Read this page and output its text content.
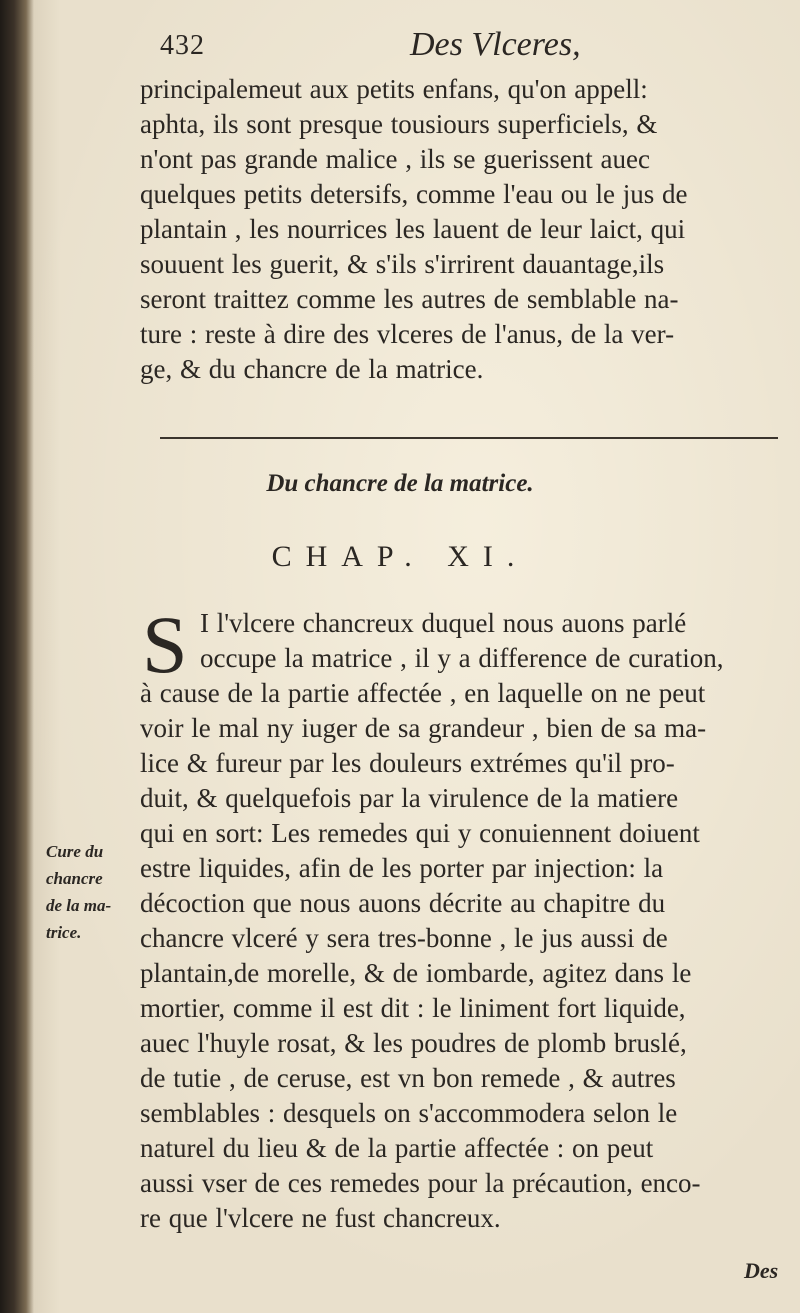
432	Des Vlceres,
principalemeut aux petits enfans, qu'on appell:
aphta, ils sont presque tousiours superficiels, &
n'ont pas grande malice , ils se guerissent auec
quelques petits detersifs, comme l'eau ou le jus de
plantain , les nourrices les lauent de leur laict, qui
souuent les guerit, & s'ils s'irrirent dauantage,ils
seront traittez comme les autres de semblable na-
ture : reste à dire des vlceres de l'anus, de la ver-
ge, & du chancre de la matrice.
Du chancre de la matrice.
CHAP. XI.
S I l'vlcere chancreux duquel nous auons parlé
occupe la matrice , il y a difference de curation,
à cause de la partie affectée , en laquelle on ne peut
voir le mal ny iuger de sa grandeur , bien de sa ma-
lice & fureur par les douleurs extrémes qu'il pro-
duit, & quelquefois par la virulence de la matiere
qui en sort: Les remedes qui y conuiennent doiuent
estre liquides, afin de les porter par injection: la
décoction que nous auons décrite au chapitre du
chancre vlceré y sera tres-bonne , le jus aussi de
plantain,de morelle, & de iombarde, agitez dans le
mortier, comme il est dit : le liniment fort liquide,
auec l'huyle rosat, & les poudres de plomb bruslé,
de tutie , de ceruse, est vn bon remede , & autres
semblables : desquels on s'accommodera selon le
naturel du lieu & de la partie affectée : on peut
aussi vser de ces remedes pour la précaution, enco-
re que l'vlcere ne fust chancreux.
Cure du
chancre
de la ma-
trice.
Des
